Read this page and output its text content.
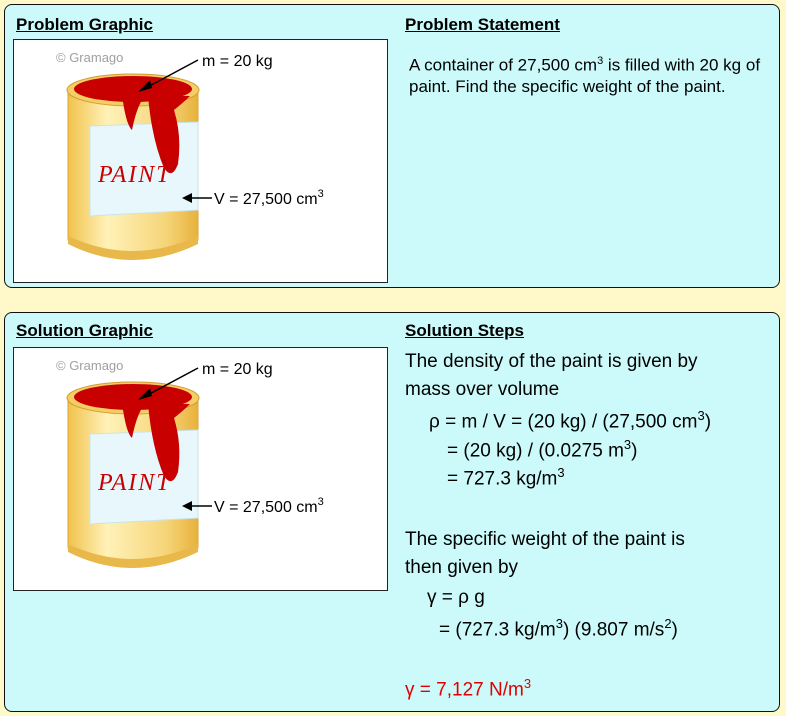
Problem Graphic	Problem Statement
PAINT
© Gramago	m = 20 kg
V = 27,500 $cm^3$
A container of 27,500 $cm^3$ is filled with 20 kg of paint. Find the specific weight of the paint.
Solution Graphic	Solution Steps
PAINT
© Gramago	m = 20 kg
V = 27,500 $cm^3$
The density of the paint is given by
mass over volume
ρ = m / V = (20 kg) / (27,500 $cm^3$)
= (20 kg) / (0.0275 $m^3$)
= 727.3 $kg/m^3$
The specific weight of the paint is
then given by
γ = ρ g
= (727.3 $kg/m^3$) (9.807 $m/s^2$)
γ = 7,127 $N/m^3$
